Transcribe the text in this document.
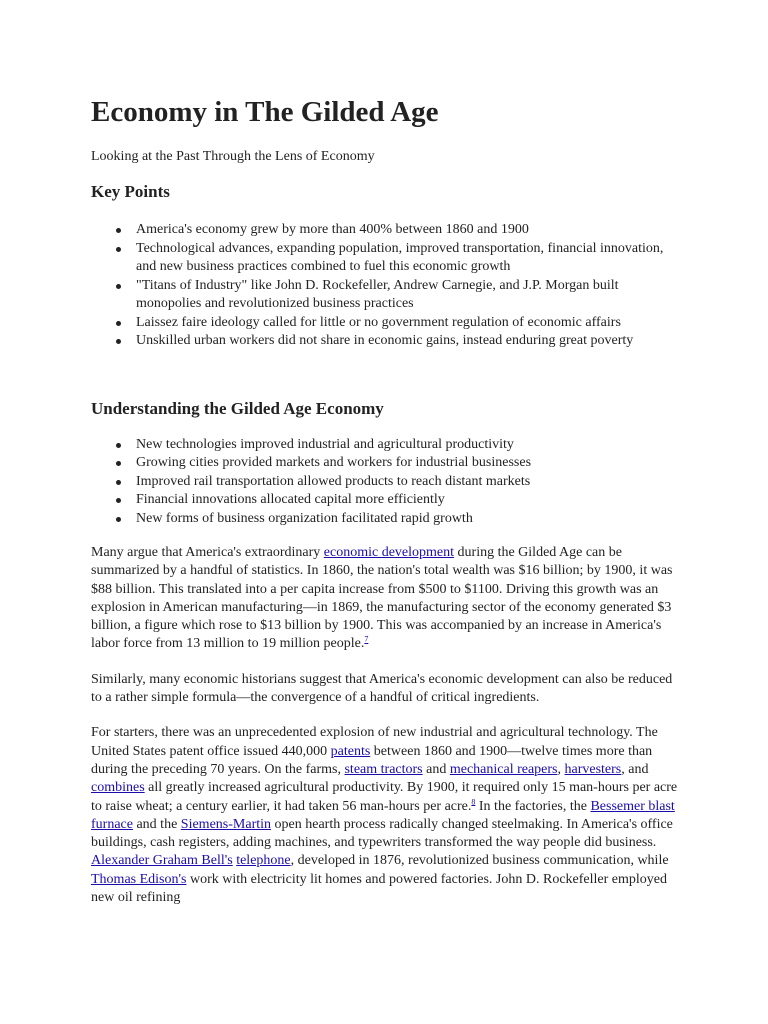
Economy in The Gilded Age
Looking at the Past Through the Lens of Economy
Key Points
America's economy grew by more than 400% between 1860 and 1900
Technological advances, expanding population, improved transportation, financial innovation, and new business practices combined to fuel this economic growth
"Titans of Industry" like John D. Rockefeller, Andrew Carnegie, and J.P. Morgan built monopolies and revolutionized business practices
Laissez faire ideology called for little or no government regulation of economic affairs
Unskilled urban workers did not share in economic gains, instead enduring great poverty
Understanding the Gilded Age Economy
New technologies improved industrial and agricultural productivity
Growing cities provided markets and workers for industrial businesses
Improved rail transportation allowed products to reach distant markets
Financial innovations allocated capital more efficiently
New forms of business organization facilitated rapid growth

Many argue that America's extraordinary economic development during the Gilded Age can be summarized by a handful of statistics. In 1860, the nation's total wealth was $16 billion; by 1900, it was $88 billion. This translated into a per capita increase from $500 to $1100. Driving this growth was an explosion in American manufacturing—in 1869, the manufacturing sector of the economy generated $3 billion, a figure which rose to $13 billion by 1900. This was accompanied by an increase in America's labor force from 13 million to 19 million people.$^7$

Similarly, many economic historians suggest that America's economic development can also be reduced to a rather simple formula—the convergence of a handful of critical ingredients.

For starters, there was an unprecedented explosion of new industrial and agricultural technology. The United States patent office issued 440,000 patents between 1860 and 1900—twelve times more than during the preceding 70 years. On the farms, steam tractors and mechanical reapers, harvesters, and combines all greatly increased agricultural productivity. By 1900, it required only 15 man-hours per acre to raise wheat; a century earlier, it had taken 56 man-hours per acre.$^8$ In the factories, the Bessemer blast furnace and the Siemens-Martin open hearth process radically changed steelmaking. In America's office buildings, cash registers, adding machines, and typewriters transformed the way people did business. Alexander Graham Bell's telephone, developed in 1876, revolutionized business communication, while Thomas Edison's work with electricity lit homes and powered factories. John D. Rockefeller employed new oil refining
